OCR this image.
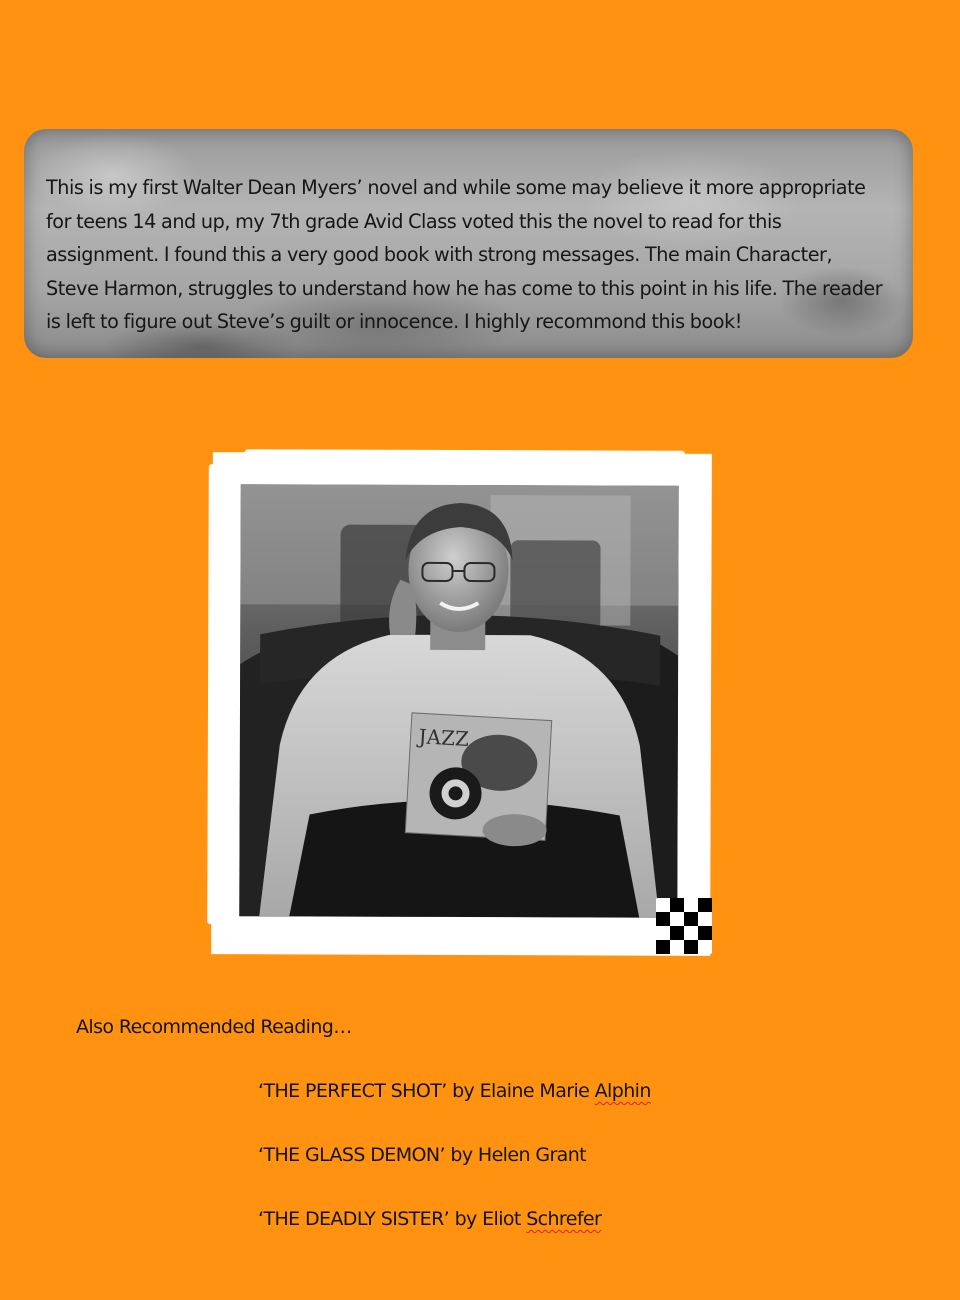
This is my first Walter Dean Myers’ novel and while some may believe it more appropriate for teens 14 and up, my 7th grade Avid Class voted this the novel to read for this assignment. I found this a very good book with strong messages. The main Character, Steve Harmon, struggles to understand how he has come to this point in his life. The reader is left to figure out Steve’s guilt or innocence. I highly recommond this book!

JAZZ
Also Recommended Reading…
‘THE PERFECT SHOT’ by Elaine Marie Alphin
‘THE GLASS DEMON’ by Helen Grant
‘THE DEADLY SISTER’ by Eliot Schrefer
